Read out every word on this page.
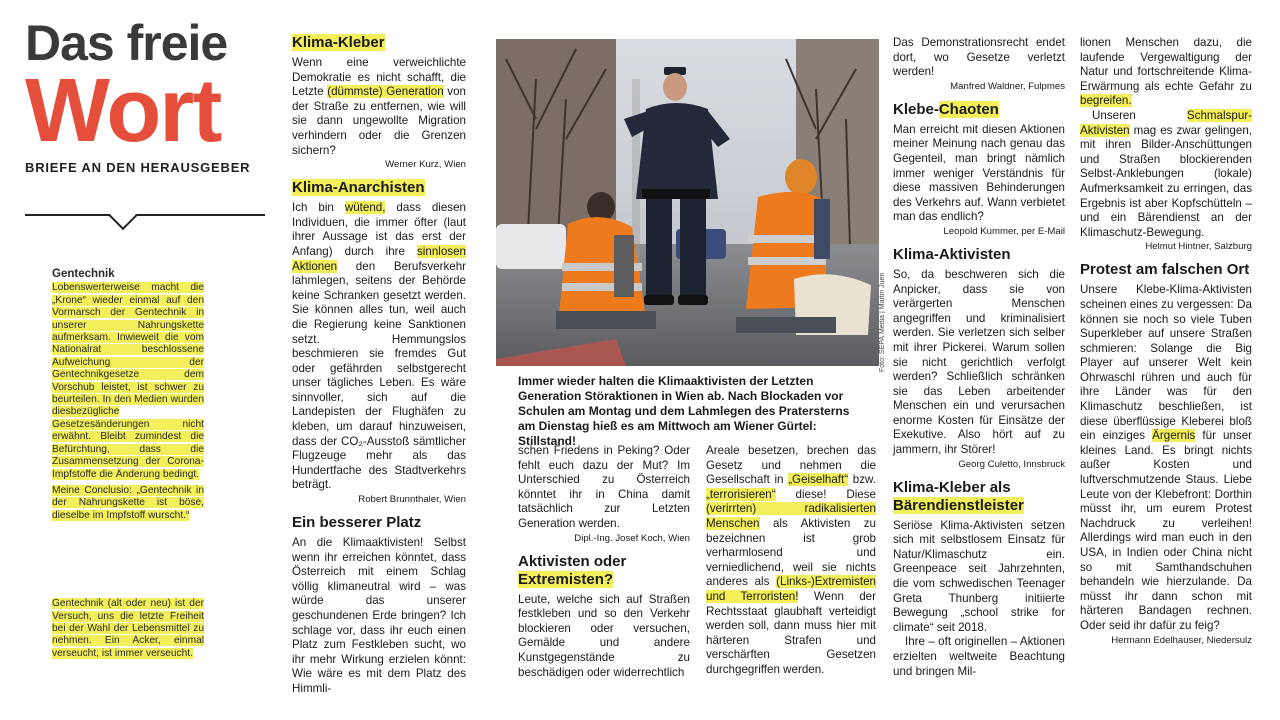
Das freie
Wort
BRIEFE AN DEN HERAUSGEBER
Gentechnik

Lobenswerterweise macht die „Krone“ wieder einmal auf den Vormarsch der Gentechnik in unserer Nahrungskette aufmerksam. Inwieweit die vom Nationalrat beschlossene Aufweichung der Gentechnikgesetze dem Vorschub leistet, ist schwer zu beurteilen. In den Medien wurden diesbezügliche Gesetzesänderungen nicht erwähnt. Bleibt zumindest die Befürchtung, dass die Zusammensetzung der Corona-Impfstoffe die Änderung bedingt.

Meine Conclusio: „Gentechnik in der Nahrungskette ist böse, dieselbe im Impfstoff wurscht.“

Gentechnik (alt oder neu) ist der Versuch, uns die letzte Freiheit bei der Wahl der Lebensmittel zu nehmen. Ein Acker, einmal verseucht, ist immer verseucht.

Klima-Kleber

Wenn eine verweichlichte Demokratie es nicht schafft, die Letzte (dümmste) Generation von der Straße zu entfernen, wie will sie dann ungewollte Migration verhindern oder die Grenzen sichern?

Werner Kurz, Wien

Klima-Anarchisten

Ich bin wütend, dass diesen Individuen, die immer öfter (laut ihrer Aussage ist das erst der Anfang) durch ihre sinnlosen Aktionen den Berufsverkehr lahmlegen, seitens der Behörde keine Schranken gesetzt werden. Sie können alles tun, weil auch die Regierung keine Sanktionen setzt. Hemmungslos beschmieren sie fremdes Gut oder gefährden selbstgerecht unser tägliches Leben. Es wäre sinnvoller, sich auf die Landepisten der Flughäfen zu kleben, um darauf hinzuweisen, dass der CO₂-Ausstoß sämtlicher Flugzeuge mehr als das Hundertfache des Stadtverkehrs beträgt.

Robert Brunnthaler, Wien

Ein besserer Platz

An die Klimaaktivisten! Selbst wenn ihr erreichen könntet, dass Österreich mit einem Schlag völlig klimaneutral wird – was würde das unserer geschundenen Erde bringen? Ich schlage vor, dass ihr euch einen Platz zum Festkleben sucht, wo ihr mehr Wirkung erzielen könnt: Wie wäre es mit dem Platz des Himmli-

Foto: SEPA.Media | Martin Juen
Immer wieder halten die Klimaaktivisten der Letzten Generation Störaktionen in Wien ab. Nach Blockaden vor Schulen am Montag und dem Lahmlegen des Pratersterns am Dienstag hieß es am Mittwoch am Wiener Gürtel: Stillstand!

schen Friedens in Peking? Oder fehlt euch dazu der Mut? Im Unterschied zu Österreich könntet ihr in China damit tatsächlich zur Letzten Generation werden.

Dipl.-Ing. Josef Koch, Wien

Aktivisten oder
Extremisten?

Leute, welche sich auf Straßen festkleben und so den Verkehr blockieren oder versuchen, Gemälde und andere Kunstgegenstände zu beschädigen oder widerrechtlich

Areale besetzen, brechen das Gesetz und nehmen die Gesellschaft in „Geiselhaft“ bzw. „terrorisieren“ diese! Diese (verirrten) radikalisierten Menschen als Aktivisten zu bezeichnen ist grob verharmlosend und verniedlichend, weil sie nichts anderes als (Links-)Extremisten und Terroristen! Wenn der Rechtsstaat glaubhaft verteidigt werden soll, dann muss hier mit härteren Strafen und verschärften Gesetzen durchgegriffen werden.

Das Demonstrationsrecht endet dort, wo Gesetze verletzt werden!

Manfred Waldner, Fulpmes

Klebe-Chaoten

Man erreicht mit diesen Aktionen meiner Meinung nach genau das Gegenteil, man bringt nämlich immer weniger Verständnis für diese massiven Behinderungen des Verkehrs auf. Wann verbietet man das endlich?

Leopold Kummer, per E-Mail

Klima-Aktivisten

So, da beschweren sich die Anpicker, dass sie von verärgerten Menschen angegriffen und kriminalisiert werden. Sie verletzen sich selber mit ihrer Pickerei. Warum sollen sie nicht gerichtlich verfolgt werden? Schließlich schränken sie das Leben arbeitender Menschen ein und verursachen enorme Kosten für Einsätze der Exekutive. Also hört auf zu jammern, ihr Störer!

Georg Culetto, Innsbruck

Klima-Kleber als
Bärendienstleister

Seriöse Klima-Aktivisten setzen sich mit selbstlosem Einsatz für Natur/Klimaschutz ein. Greenpeace seit Jahrzehnten, die vom schwedischen Teenager Greta Thunberg initiierte Bewegung „school strike for climate“ seit 2018.

Ihre – oft originellen – Aktionen erzielten weltweite Beachtung und bringen Mil-

lionen Menschen dazu, die laufende Vergewaltigung der Natur und fortschreitende Klima-Erwärmung als echte Gefahr zu begreifen.

Unseren Schmalspur-Aktivisten mag es zwar gelingen, mit ihren Bilder-Anschüttungen und Straßen blockierenden Selbst-Anklebungen (lokale) Aufmerksamkeit zu erringen, das Ergebnis ist aber Kopfschütteln – und ein Bärendienst an der Klimaschutz-Bewegung.

Helmut Hintner, Salzburg

Protest am falschen Ort

Unsere Klebe-Klima-Aktivisten scheinen eines zu vergessen: Da können sie noch so viele Tuben Superkleber auf unsere Straßen schmieren: Solange die Big Player auf unserer Welt kein Ohrwaschl rühren und auch für ihre Länder was für den Klimaschutz beschließen, ist diese überflüssige Kleberei bloß ein einziges Ärgernis für unser kleines Land. Es bringt nichts außer Kosten und luftverschmutzende Staus. Liebe Leute von der Klebefront: Dorthin müsst ihr, um eurem Protest Nachdruck zu verleihen! Allerdings wird man euch in den USA, in Indien oder China nicht so mit Samthandschuhen behandeln wie hierzulande. Da müsst ihr dann schon mit härteren Bandagen rechnen. Oder seid ihr dafür zu feig?

Hermann Edelhauser, Niedersulz
